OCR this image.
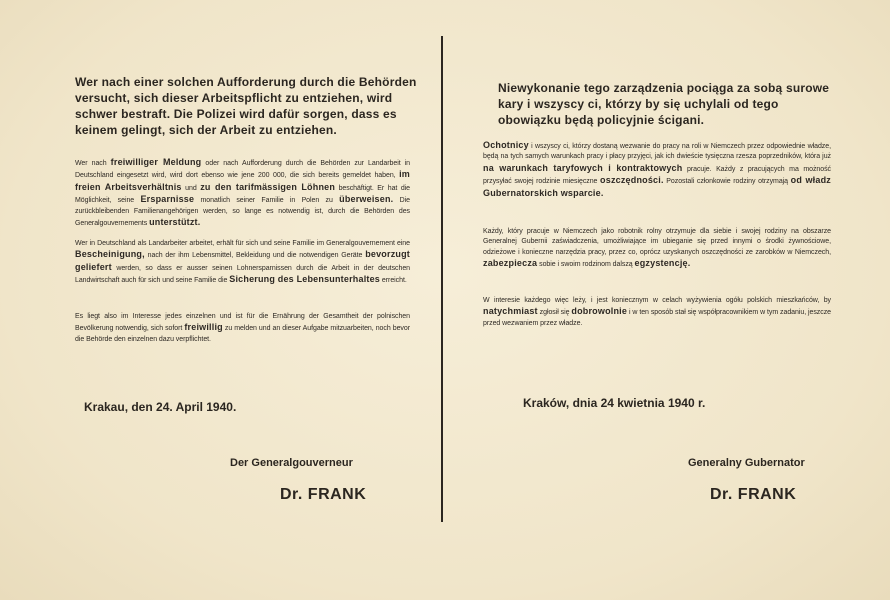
Wer nach einer solchen Aufforderung durch die Behörden versucht, sich dieser Arbeitspflicht zu entziehen, wird schwer bestraft. Die Polizei wird dafür sorgen, dass es keinem gelingt, sich der Arbeit zu entziehen.

Wer nach freiwilliger Meldung oder nach Aufforderung durch die Behörden zur Landarbeit in Deutschland eingesetzt wird, wird dort ebenso wie jene 200 000, die sich bereits gemeldet haben, im freien Arbeitsverhältnis und zu den tarifmässigen Löhnen beschäftigt. Er hat die Möglichkeit, seine Ersparnisse monatlich seiner Familie in Polen zu überweisen. Die zurückbleibenden Familienangehörigen werden, so lange es notwendig ist, durch die Behörden des Generalgouvernements unterstützt.

Wer in Deutschland als Landarbeiter arbeitet, erhält für sich und seine Familie im Generalgouvernement eine Bescheinigung, nach der ihm Lebensmittel, Bekleidung und die notwendigen Geräte bevorzugt geliefert werden, so dass er ausser seinen Lohnersparnissen durch die Arbeit in der deutschen Landwirtschaft auch für sich und seine Familie die Sicherung des Lebensunterhaltes erreicht.

Es liegt also im Interesse jedes einzelnen und ist für die Ernährung der Gesamtheit der polnischen Bevölkerung notwendig, sich sofort freiwillig zu melden und an dieser Aufgabe mitzuarbeiten, noch bevor die Behörde den einzelnen dazu verpflichtet.

Krakau, den 24. April 1940.

Der Generalgouverneur

Dr. FRANK

Niewykonanie tego zarządzenia pociąga za sobą surowe kary i wszyscy ci, którzy by się uchylali od tego obowiązku będą policyjnie ścigani.

Ochotnicy i wszyscy ci, którzy dostaną wezwanie do pracy na roli w Niemczech przez odpowiednie władze, będą na tych samych warunkach pracy i płacy przyjęci, jak ich dwieście tysięczna rzesza poprzedników, która już na warunkach taryfowych i kontraktowych pracuje. Każdy z pracujących ma możność przysyłać swojej rodzinie miesięczne oszczędności. Pozostali członkowie rodziny otrzymają od władz Gubernatorskich wsparcie.

Każdy, który pracuje w Niemczech jako robotnik rolny otrzymuje dla siebie i swojej rodziny na obszarze Generalnej Gubernii zaświadczenia, umożliwiające im ubieganie się przed innymi o środki żywnościowe, odzieżowe i konieczne narzędzia pracy, przez co, oprócz uzyskanych oszczędności ze zarobków w Niemczech, zabezpiecza sobie i swoim rodzinom dalszą egzystencję.

W interesie każdego więc leży, i jest koniecznym w celach wyżywienia ogółu polskich mieszkańców, by natychmiast zgłosił się dobrowolnie i w ten sposób stał się współpracownikiem w tym zadaniu, jeszcze przed wezwaniem przez władze.

Kraków, dnia 24 kwietnia 1940 r.

Generalny Gubernator

Dr. FRANK
